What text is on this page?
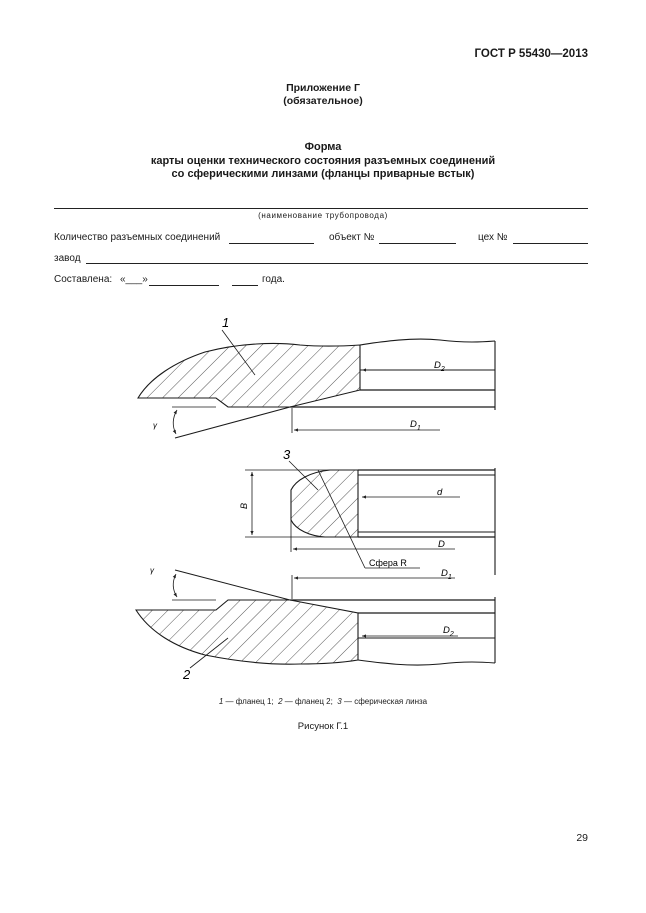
ГОСТ Р 55430—2013
Приложение Г
(обязательное)
Форма
карты оценки технического состояния разъемных соединений
со сферическими линзами (фланцы приварные встык)
(наименование трубопровода)
Количество разъемных соединений	объект №	цех №
завод
Составлена: «___»	года.
1
$D_2$
γ	$D_1$
3
B
d
D
Сфера R
γ	$D_1$
$D_2$
2
1 — фланец 1;  2 — фланец 2;  3 — сферическая линза
Рисунок Г.1
29
